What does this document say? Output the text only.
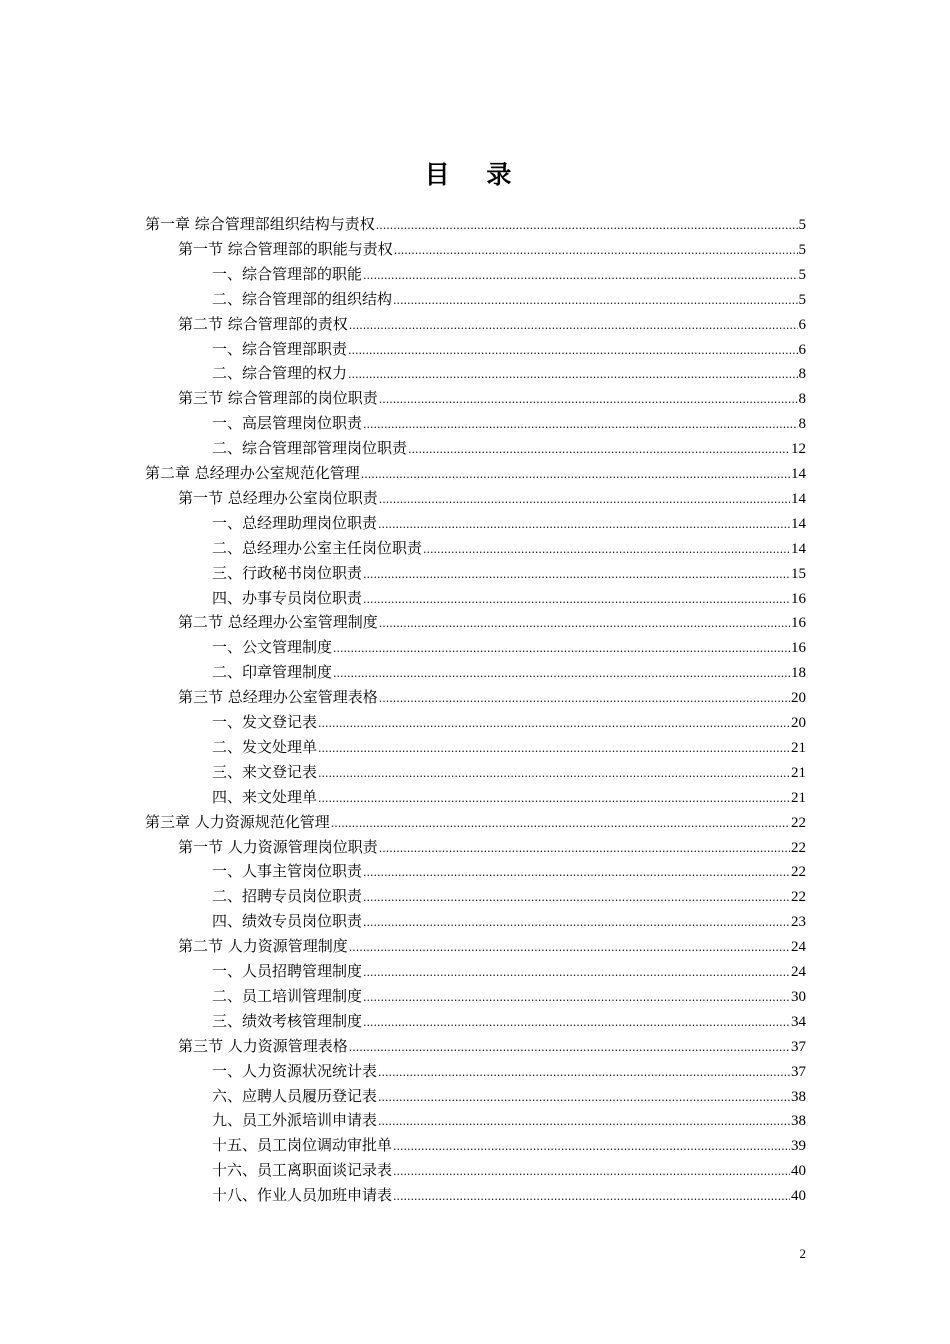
目 录
第一章 综合管理部组织结构与责权 .....	5
第一节 综合管理部的职能与责权 .....	5
一、综合管理部的职能 .....	5
二、综合管理部的组织结构 .....	5
第二节 综合管理部的责权 .....	6
一、综合管理部职责 .....	6
二、综合管理的权力 .....	8
第三节 综合管理部的岗位职责 .....	8
一、高层管理岗位职责 .....	8
二、综合管理部管理岗位职责 .....	12
第二章 总经理办公室规范化管理 .....	14
第一节 总经理办公室岗位职责 .....	14
一、总经理助理岗位职责 .....	14
二、总经理办公室主任岗位职责 .....	14
三、行政秘书岗位职责 .....	15
四、办事专员岗位职责 .....	16
第二节 总经理办公室管理制度 .....	16
一、公文管理制度 .....	16
二、印章管理制度 .....	18
第三节 总经理办公室管理表格 .....	20
一、发文登记表 .....	20
二、发文处理单 .....	21
三、来文登记表 .....	21
四、来文处理单 .....	21
第三章 人力资源规范化管理 .....	22
第一节 人力资源管理岗位职责 .....	22
一、人事主管岗位职责 .....	22
二、招聘专员岗位职责 .....	22
四、绩效专员岗位职责 .....	23
第二节 人力资源管理制度 .....	24
一、人员招聘管理制度 .....	24
二、员工培训管理制度 .....	30
三、绩效考核管理制度 .....	34
第三节 人力资源管理表格 .....	37
一、人力资源状况统计表 .....	37
六、应聘人员履历登记表 .....	38
九、员工外派培训申请表 .....	38
十五、员工岗位调动审批单 .....	39
十六、员工离职面谈记录表 .....	40
十八、作业人员加班申请表 .....	40
2
